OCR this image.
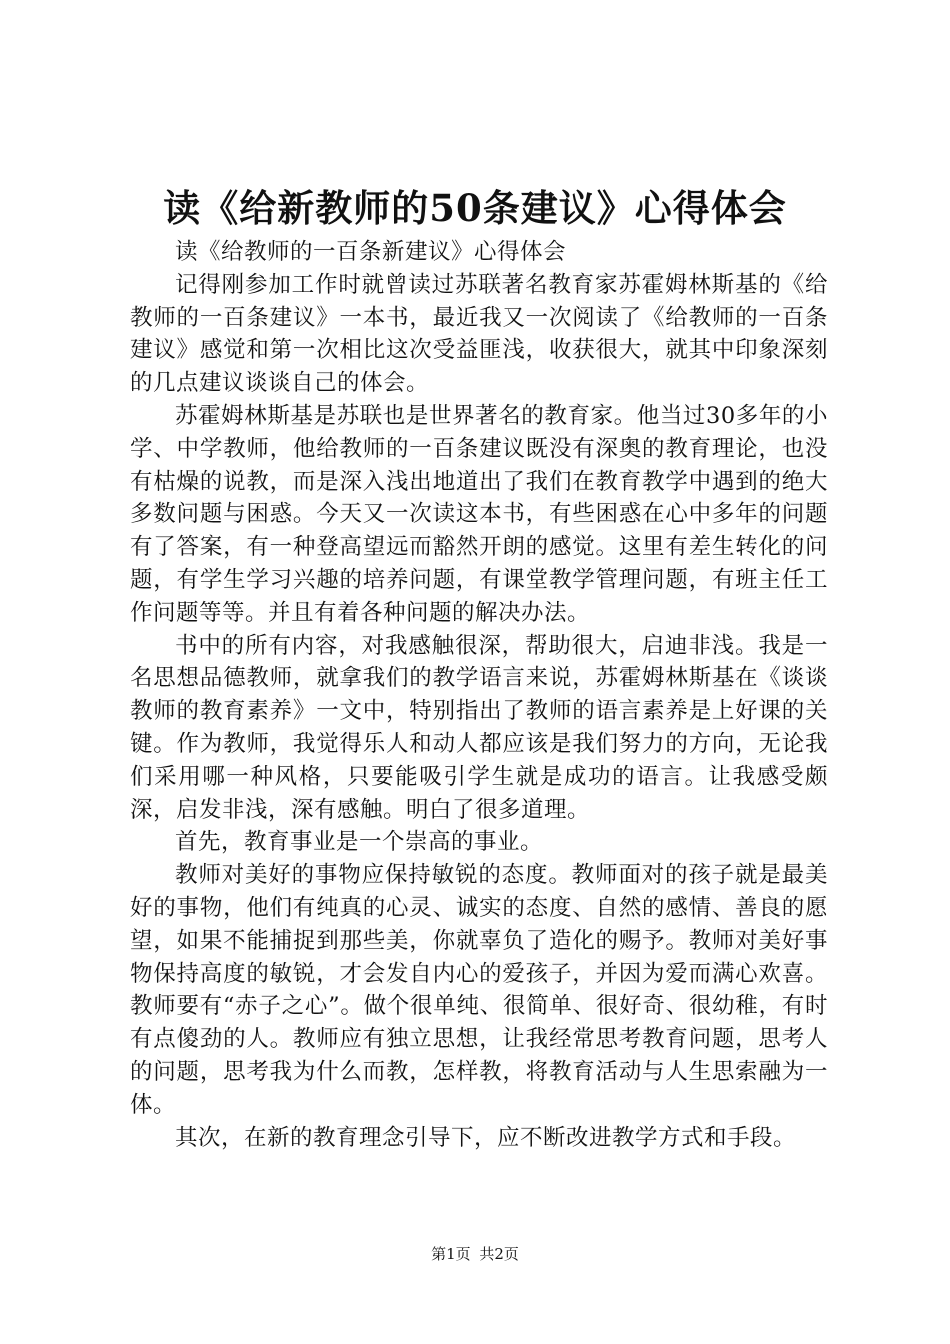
读《给新教师的50条建议》心得体会

读《给教师的一百条新建议》心得体会

记得刚参加工作时就曾读过苏联著名教育家苏霍姆林斯基的《给教师的一百条建议》一本书，最近我又一次阅读了《给教师的一百条建议》感觉和第一次相比这次受益匪浅，收获很大，就其中印象深刻的几点建议谈谈自己的体会。

苏霍姆林斯基是苏联也是世界著名的教育家。他当过30多年的小学、中学教师，他给教师的一百条建议既没有深奥的教育理论，也没有枯燥的说教，而是深入浅出地道出了我们在教育教学中遇到的绝大多数问题与困惑。今天又一次读这本书，有些困惑在心中多年的问题有了答案，有一种登高望远而豁然开朗的感觉。这里有差生转化的问题，有学生学习兴趣的培养问题，有课堂教学管理问题，有班主任工作问题等等。并且有着各种问题的解决办法。

书中的所有内容，对我感触很深，帮助很大，启迪非浅。我是一名思想品德教师，就拿我们的教学语言来说，苏霍姆林斯基在《谈谈教师的教育素养》一文中，特别指出了教师的语言素养是上好课的关键。作为教师，我觉得乐人和动人都应该是我们努力的方向，无论我们采用哪一种风格，只要能吸引学生就是成功的语言。让我感受颇深，启发非浅，深有感触。明白了很多道理。

首先，教育事业是一个崇高的事业。

教师对美好的事物应保持敏锐的态度。教师面对的孩子就是最美好的事物，他们有纯真的心灵、诚实的态度、自然的感情、善良的愿望，如果不能捕捉到那些美，你就辜负了造化的赐予。教师对美好事物保持高度的敏锐，才会发自内心的爱孩子，并因为爱而满心欢喜。教师要有“赤子之心”。做个很单纯、很简单、很好奇、很幼稚，有时有点傻劲的人。教师应有独立思想，让我经常思考教育问题，思考人的问题，思考我为什么而教，怎样教，将教育活动与人生思索融为一体。

其次，在新的教育理念引导下，应不断改进教学方式和手段。

第1页 共2页
